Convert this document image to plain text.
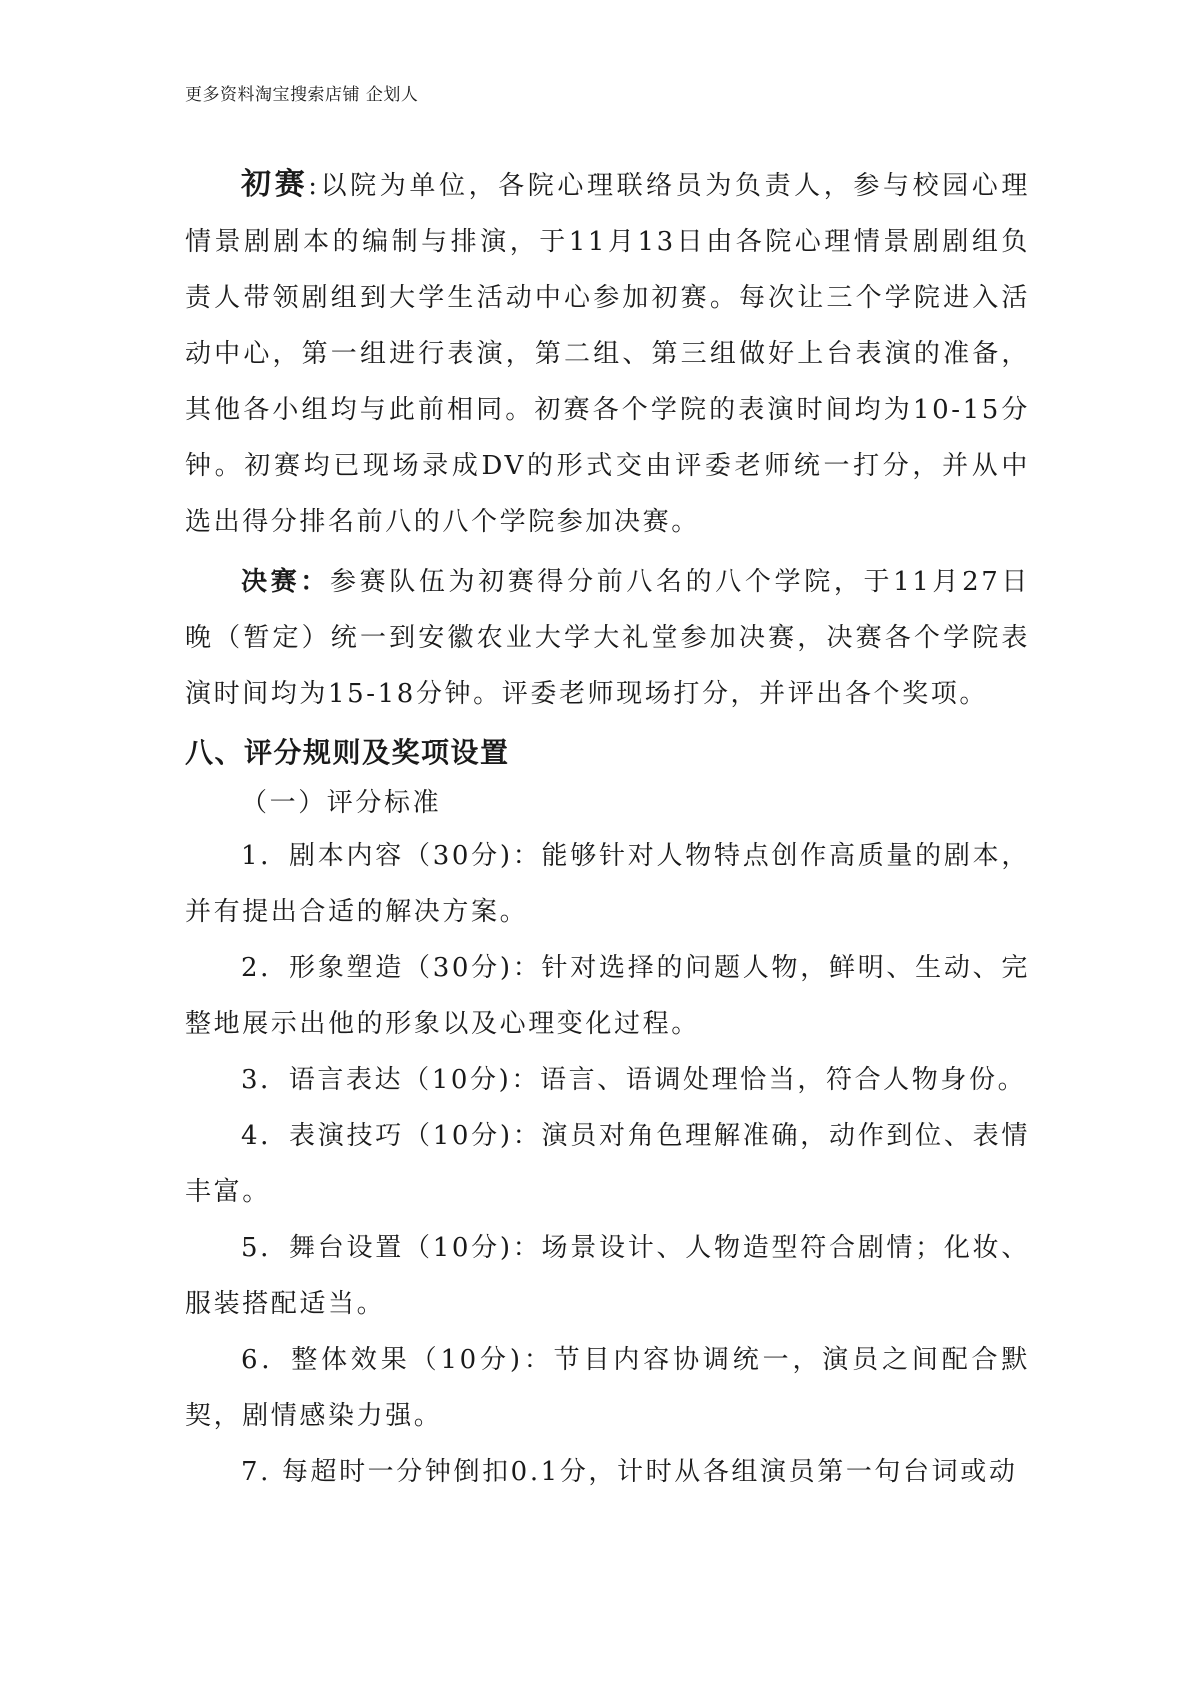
更多资料淘宝搜索店铺 企划人

初赛:以院为单位，各院心理联络员为负责人，参与校园心理情景剧剧本的编制与排演，于11月13日由各院心理情景剧剧组负责人带领剧组到大学生活动中心参加初赛。每次让三个学院进入活动中心，第一组进行表演，第二组、第三组做好上台表演的准备，其他各小组均与此前相同。初赛各个学院的表演时间均为10-15分钟。初赛均已现场录成DV的形式交由评委老师统一打分，并从中选出得分排名前八的八个学院参加决赛。

决赛：参赛队伍为初赛得分前八名的八个学院，于11月27日晚（暂定）统一到安徽农业大学大礼堂参加决赛，决赛各个学院表演时间均为15-18分钟。评委老师现场打分，并评出各个奖项。

八、评分规则及奖项设置
（一）评分标准

1．剧本内容（30分)：能够针对人物特点创作高质量的剧本，并有提出合适的解决方案。

2．形象塑造（30分)：针对选择的问题人物，鲜明、生动、完整地展示出他的形象以及心理变化过程。

3．语言表达（10分)：语言、语调处理恰当，符合人物身份。

4．表演技巧（10分)：演员对角色理解准确，动作到位、表情丰富。

5．舞台设置（10分)：场景设计、人物造型符合剧情；化妆、服装搭配适当。

6．整体效果（10分)：节目内容协调统一，演员之间配合默契，剧情感染力强。

7. 每超时一分钟倒扣0.1分，计时从各组演员第一句台词或动
